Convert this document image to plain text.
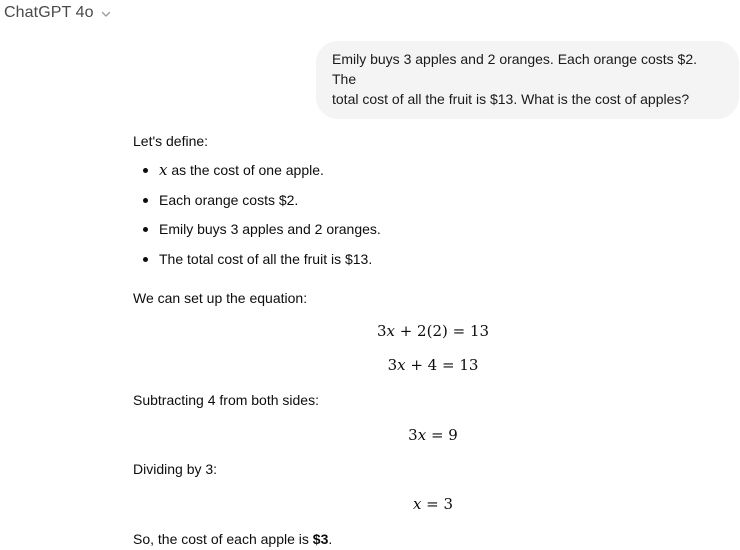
ChatGPT 4o
Emily buys 3 apples and 2 oranges. Each orange costs $2. The
total cost of all the fruit is $13. What is the cost of apples?

Let's define:

x as the cost of one apple.
Each orange costs $2.
Emily buys 3 apples and 2 oranges.
The total cost of all the fruit is $13.

We can set up the equation:

3x + 2(2) = 13
3x + 4 = 13

Subtracting 4 from both sides:

3x = 9

Dividing by 3:

x = 3

So, the cost of each apple is $3.
